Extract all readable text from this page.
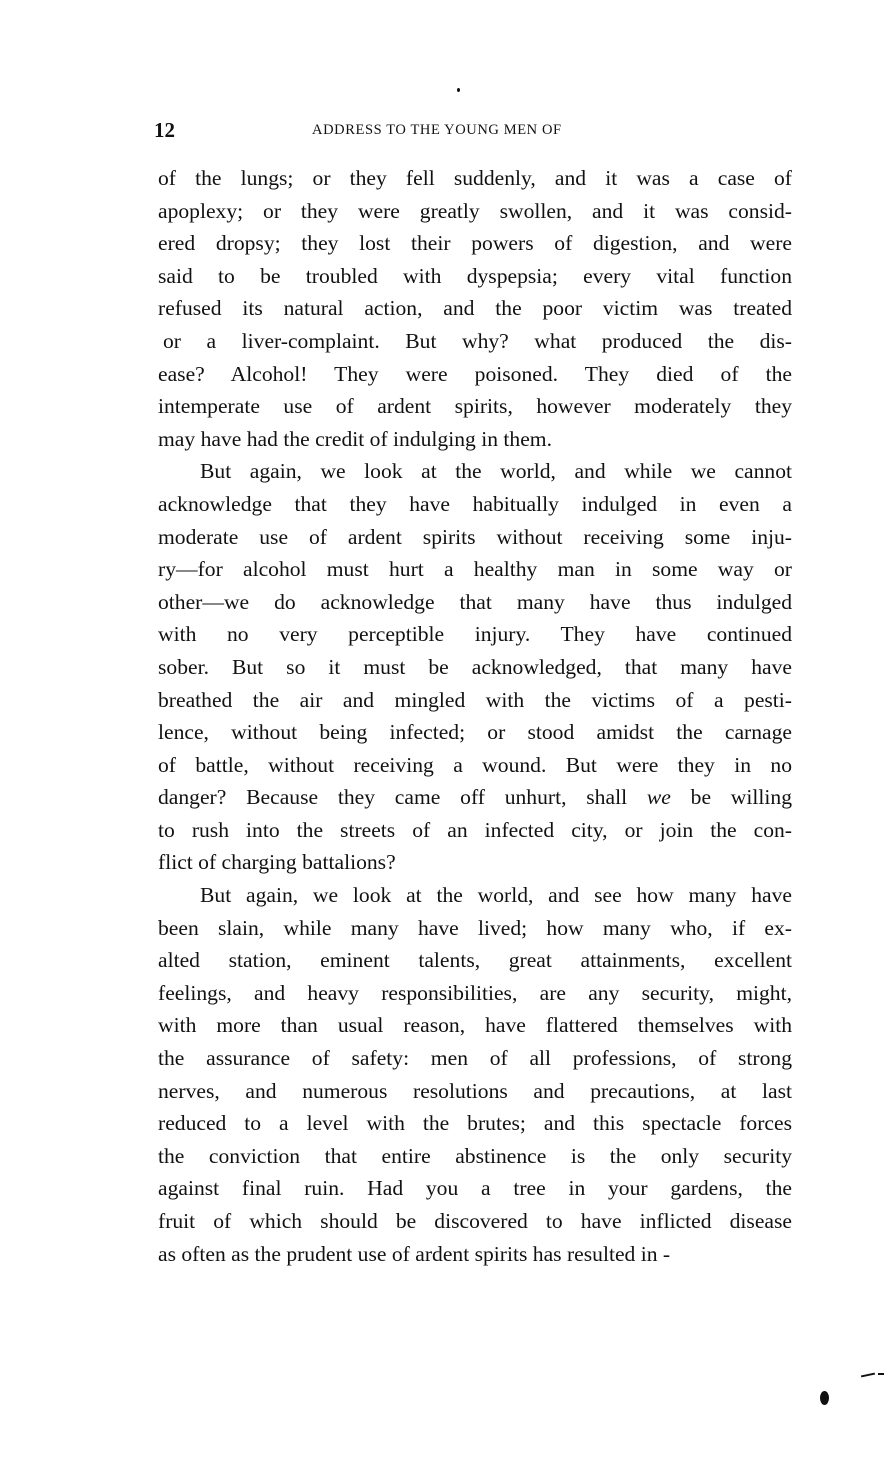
12	ADDRESS TO THE YOUNG MEN OF
of the lungs; or they fell suddenly, and it was a case of
apoplexy; or they were greatly swollen, and it was consid-
ered dropsy; they lost their powers of digestion, and were
said to be troubled with dyspepsia; every vital function
refused its natural action, and the poor victim was treated
or a liver-complaint. But why? what produced the dis-
ease? Alcohol! They were poisoned. They died of the
intemperate use of ardent spirits, however moderately they
may have had the credit of indulging in them.
But again, we look at the world, and while we cannot
acknowledge that they have habitually indulged in even a
moderate use of ardent spirits without receiving some inju-
ry—for alcohol must hurt a healthy man in some way or
other—we do acknowledge that many have thus indulged
with no very perceptible injury. They have continued
sober. But so it must be acknowledged, that many have
breathed the air and mingled with the victims of a pesti-
lence, without being infected; or stood amidst the carnage
of battle, without receiving a wound. But were they in no
danger? Because they came off unhurt, shall we be willing
to rush into the streets of an infected city, or join the con-
flict of charging battalions?
But again, we look at the world, and see how many have
been slain, while many have lived; how many who, if ex-
alted station, eminent talents, great attainments, excellent
feelings, and heavy responsibilities, are any security, might,
with more than usual reason, have flattered themselves with
the assurance of safety: men of all professions, of strong
nerves, and numerous resolutions and precautions, at last
reduced to a level with the brutes; and this spectacle forces
the conviction that entire abstinence is the only security
against final ruin. Had you a tree in your gardens, the
fruit of which should be discovered to have inflicted disease
as often as the prudent use of ardent spirits has resulted in -
